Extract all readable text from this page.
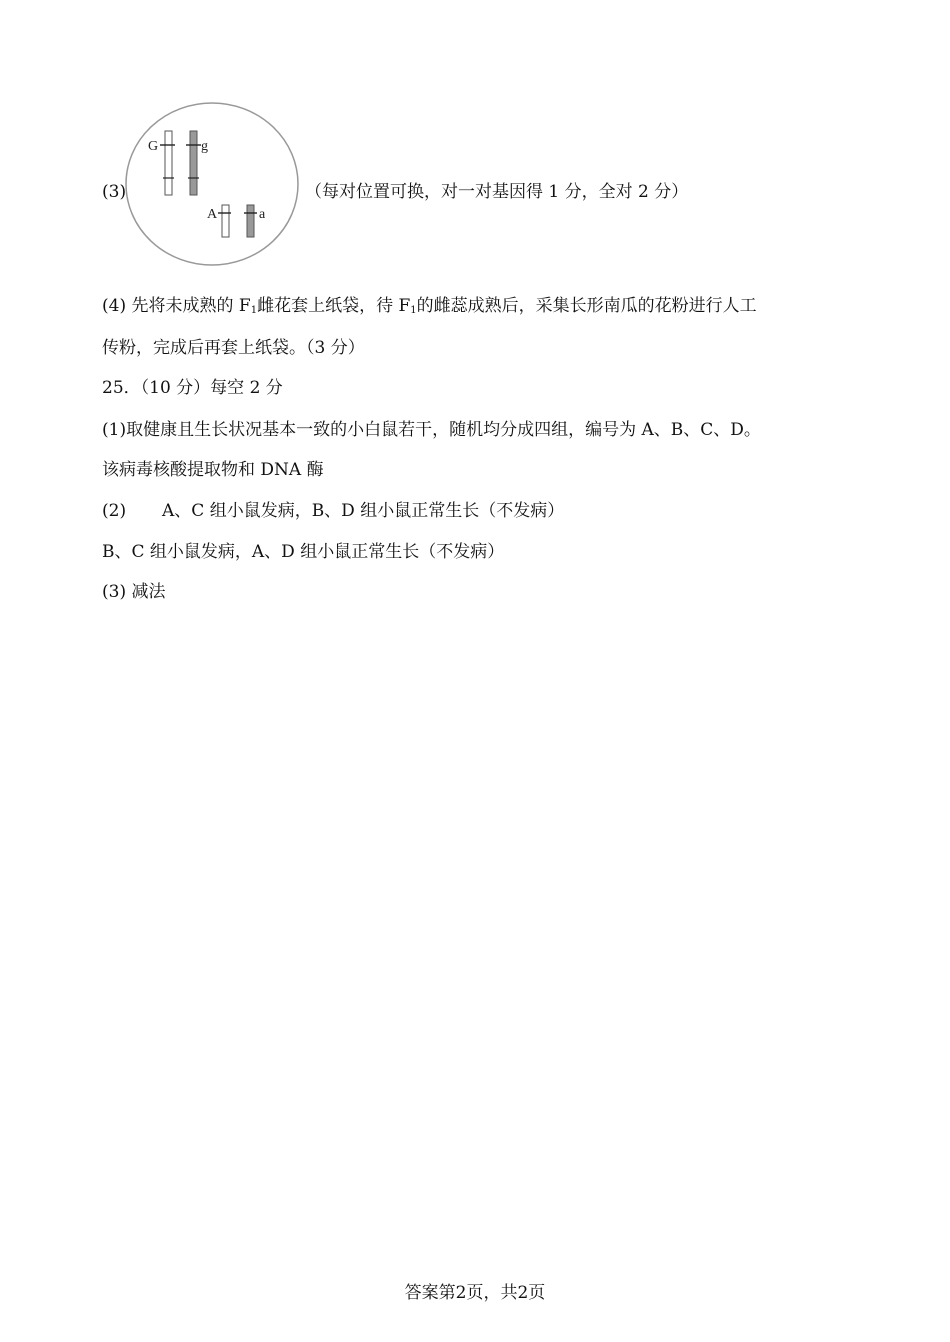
(3)
G	g
A	a
（每对位置可换，对一对基因得 1 分，全对 2 分）
(4) 先将未成熟的 $F_1$雌花套上纸袋，待 $F_1$的雌蕊成熟后，采集长形南瓜的花粉进行人工
传粉，完成后再套上纸袋。（3 分）
25．（10 分）每空 2 分
(1)取健康且生长状况基本一致的小白鼠若干，随机均分成四组，编号为 A、B、C、D。
该病毒核酸提取物和 DNA 酶
(2) A、C 组小鼠发病，B、D 组小鼠正常生长（不发病）
B、C 组小鼠发病，A、D 组小鼠正常生长（不发病）
(3) 减法
答案第2页，共2页
